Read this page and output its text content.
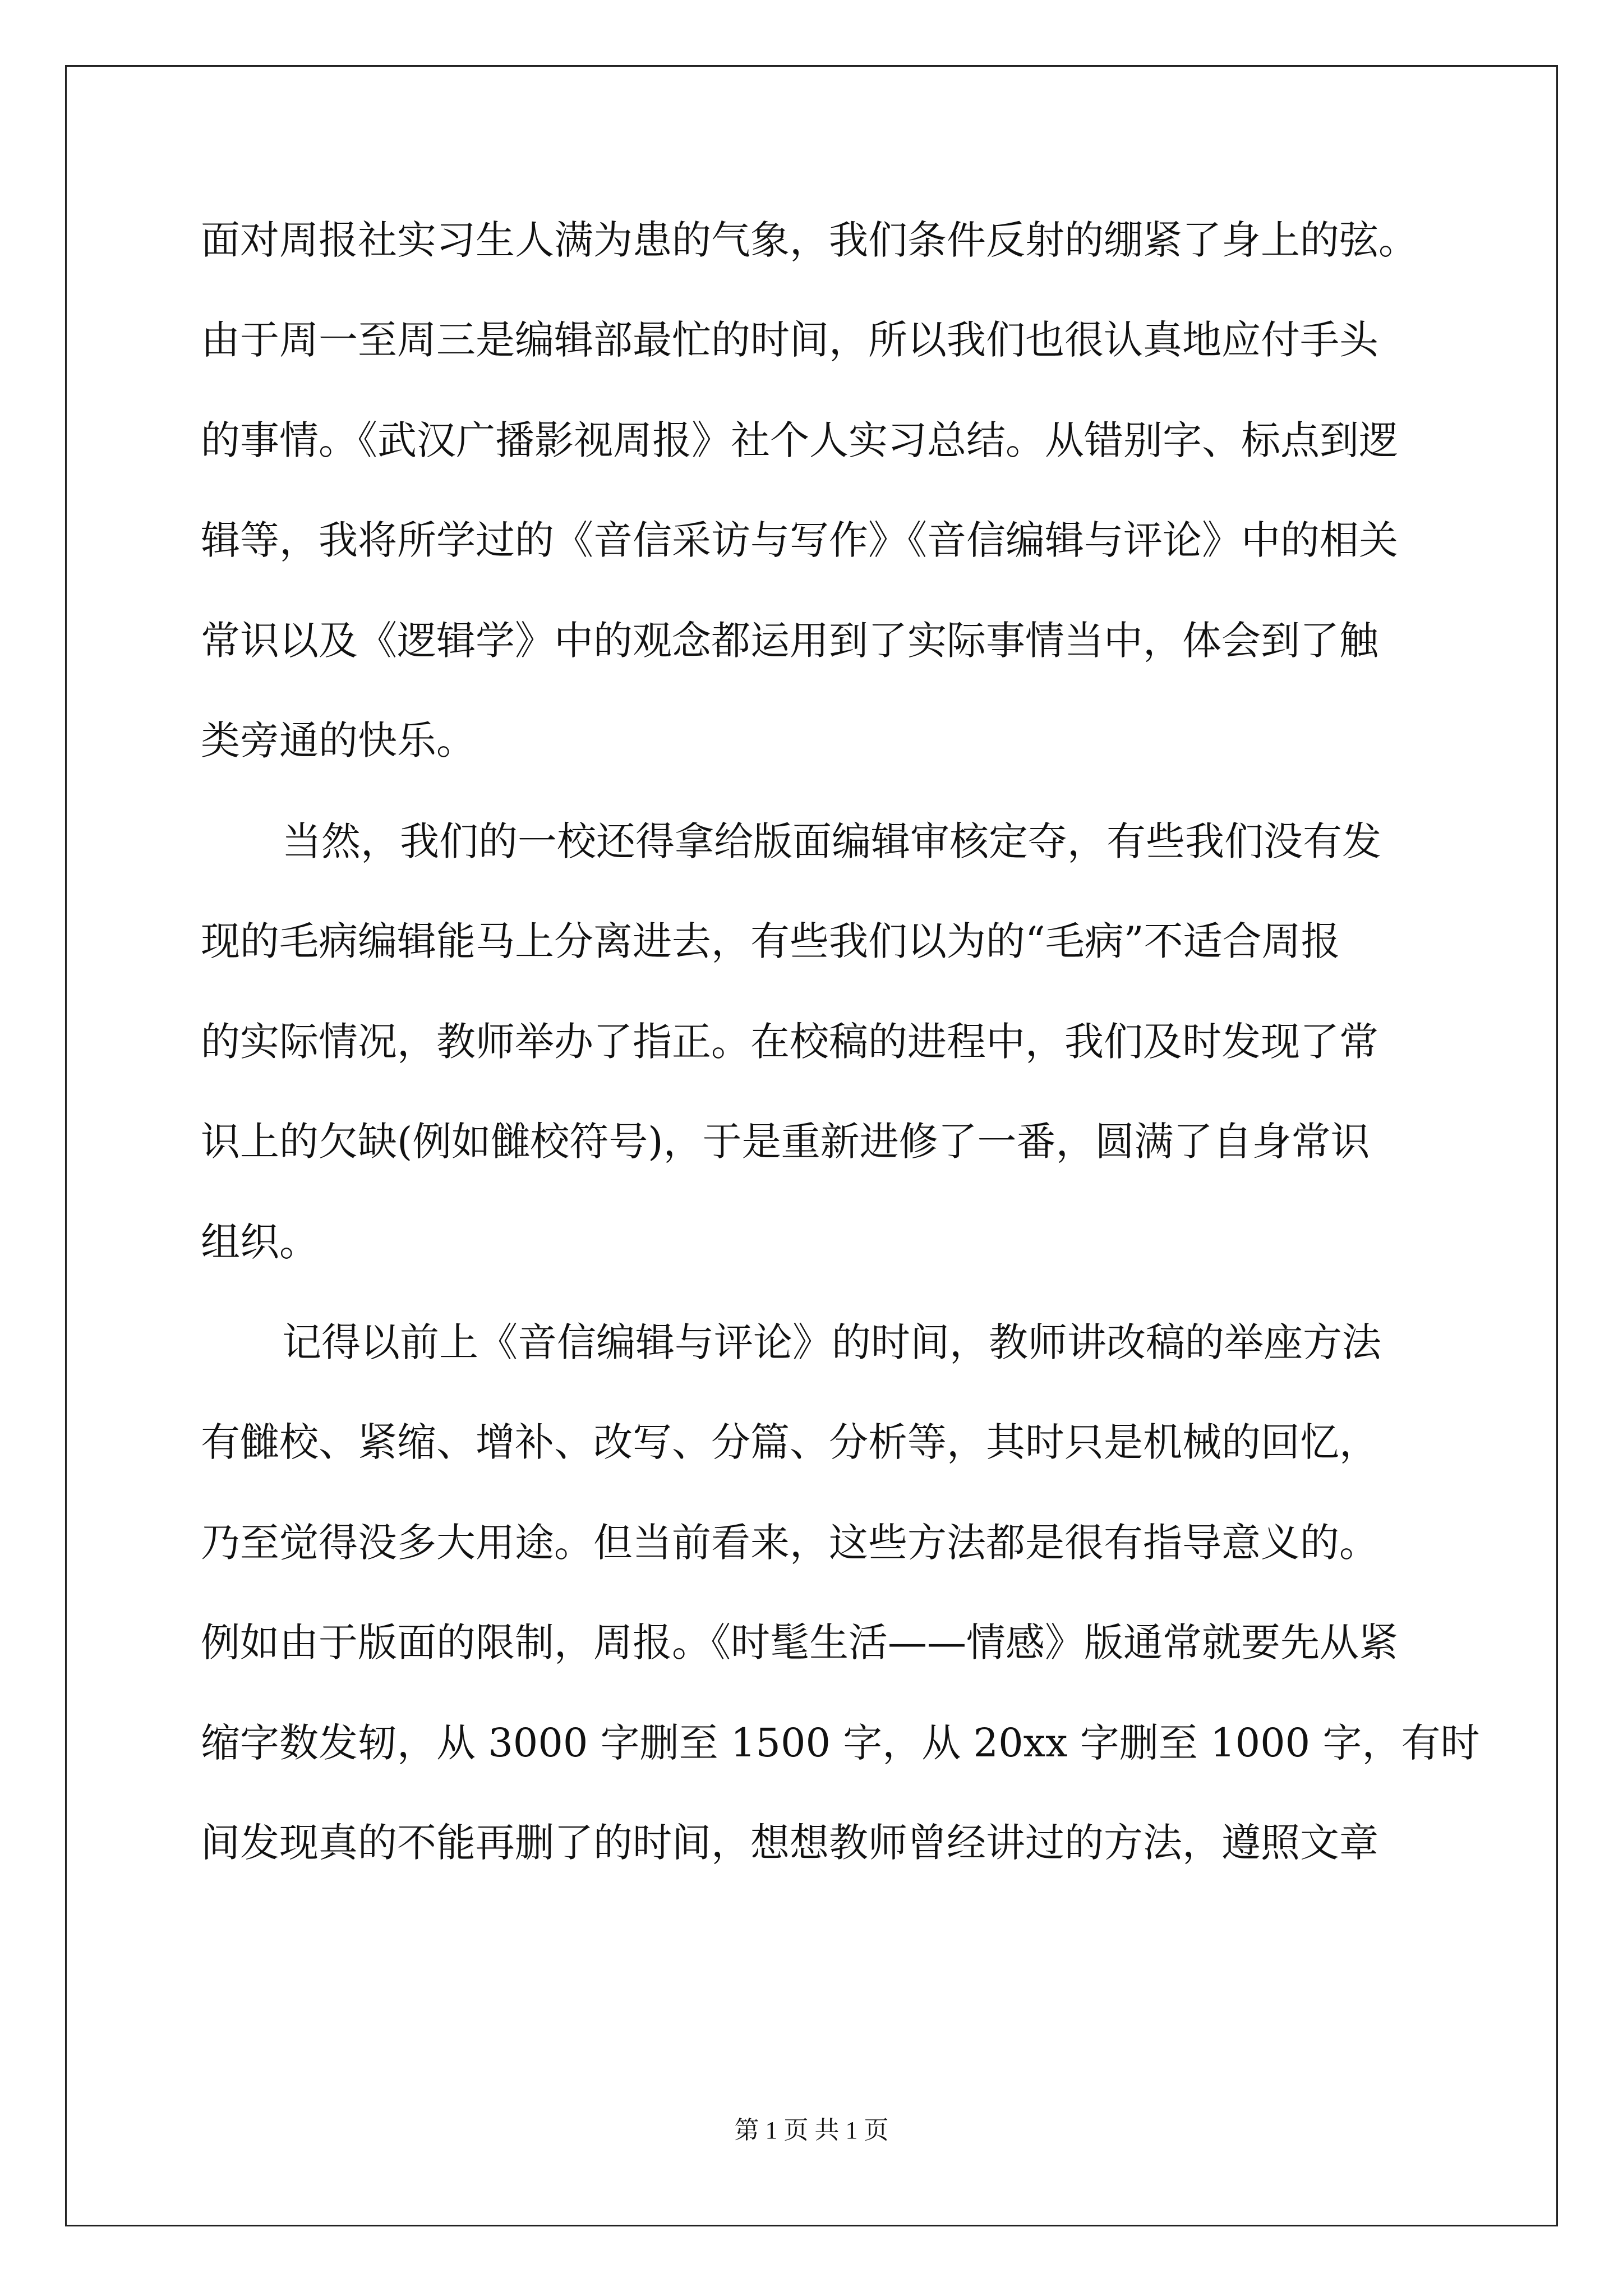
面对周报社实习生人满为患的气象，我们条件反射的绷紧了身上的弦。
由于周一至周三是编辑部最忙的时间，所以我们也很认真地应付手头
的事情。《武汉广播影视周报》社个人实习总结。从错别字、标点到逻
辑等，我将所学过的《音信采访与写作》《音信编辑与评论》中的相关
常识以及《逻辑学》中的观念都运用到了实际事情当中，体会到了触
类旁通的快乐。
当然，我们的一校还得拿给版面编辑审核定夺，有些我们没有发
现的毛病编辑能马上分离进去，有些我们以为的“毛病”不适合周报
的实际情况，教师举办了指正。在校稿的进程中，我们及时发现了常
识上的欠缺(例如雠校符号)，于是重新进修了一番，圆满了自身常识
组织。
记得以前上《音信编辑与评论》的时间，教师讲改稿的举座方法
有雠校、紧缩、增补、改写、分篇、分析等，其时只是机械的回忆，
乃至觉得没多大用途。但当前看来，这些方法都是很有指导意义的。
例如由于版面的限制，周报。《时髦生活——情感》版通常就要先从紧
缩字数发轫，从 3000 字删至 1500 字，从 20xx 字删至 1000 字，有时
间发现真的不能再删了的时间，想想教师曾经讲过的方法，遵照文章
第 1 页 共 1 页
